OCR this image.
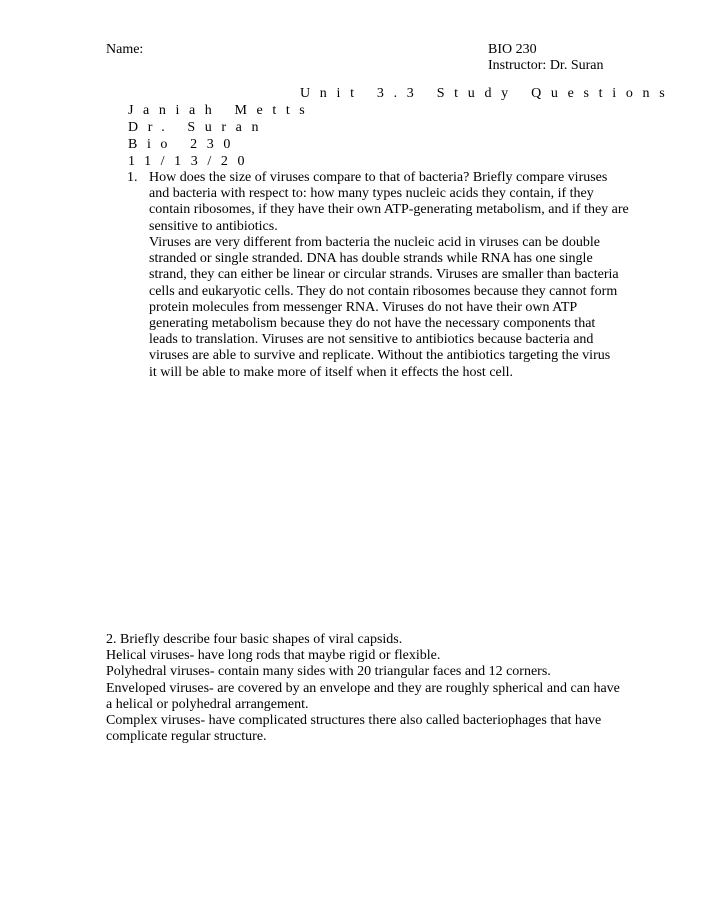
Name:	BIO 230
Instructor: Dr. Suran
Unit 3.3 Study Questions
Janiah Metts
Dr. Suran
Bio 230
11/13/20
1. How does the size of viruses compare to that of bacteria? Briefly compare viruses and bacteria with respect to: how many types nucleic acids they contain, if they contain ribosomes, if they have their own ATP-generating metabolism, and if they are sensitive to antibiotics.

Viruses are very different from bacteria the nucleic acid in viruses can be double stranded or single stranded. DNA has double strands while RNA has one single strand, they can either be linear or circular strands. Viruses are smaller than bacteria cells and eukaryotic cells. They do not contain ribosomes because they cannot form protein molecules from messenger RNA. Viruses do not have their own ATP generating metabolism because they do not have the necessary components that leads to translation. Viruses are not sensitive to antibiotics because bacteria and viruses are able to survive and replicate. Without the antibiotics targeting the virus it will be able to make more of itself when it effects the host cell.

2. Briefly describe four basic shapes of viral capsids.

Helical viruses- have long rods that maybe rigid or flexible.

Polyhedral viruses- contain many sides with 20 triangular faces and 12 corners.

Enveloped viruses- are covered by an envelope and they are roughly spherical and can have a helical or polyhedral arrangement.

Complex viruses- have complicated structures there also called bacteriophages that have complicate regular structure.
